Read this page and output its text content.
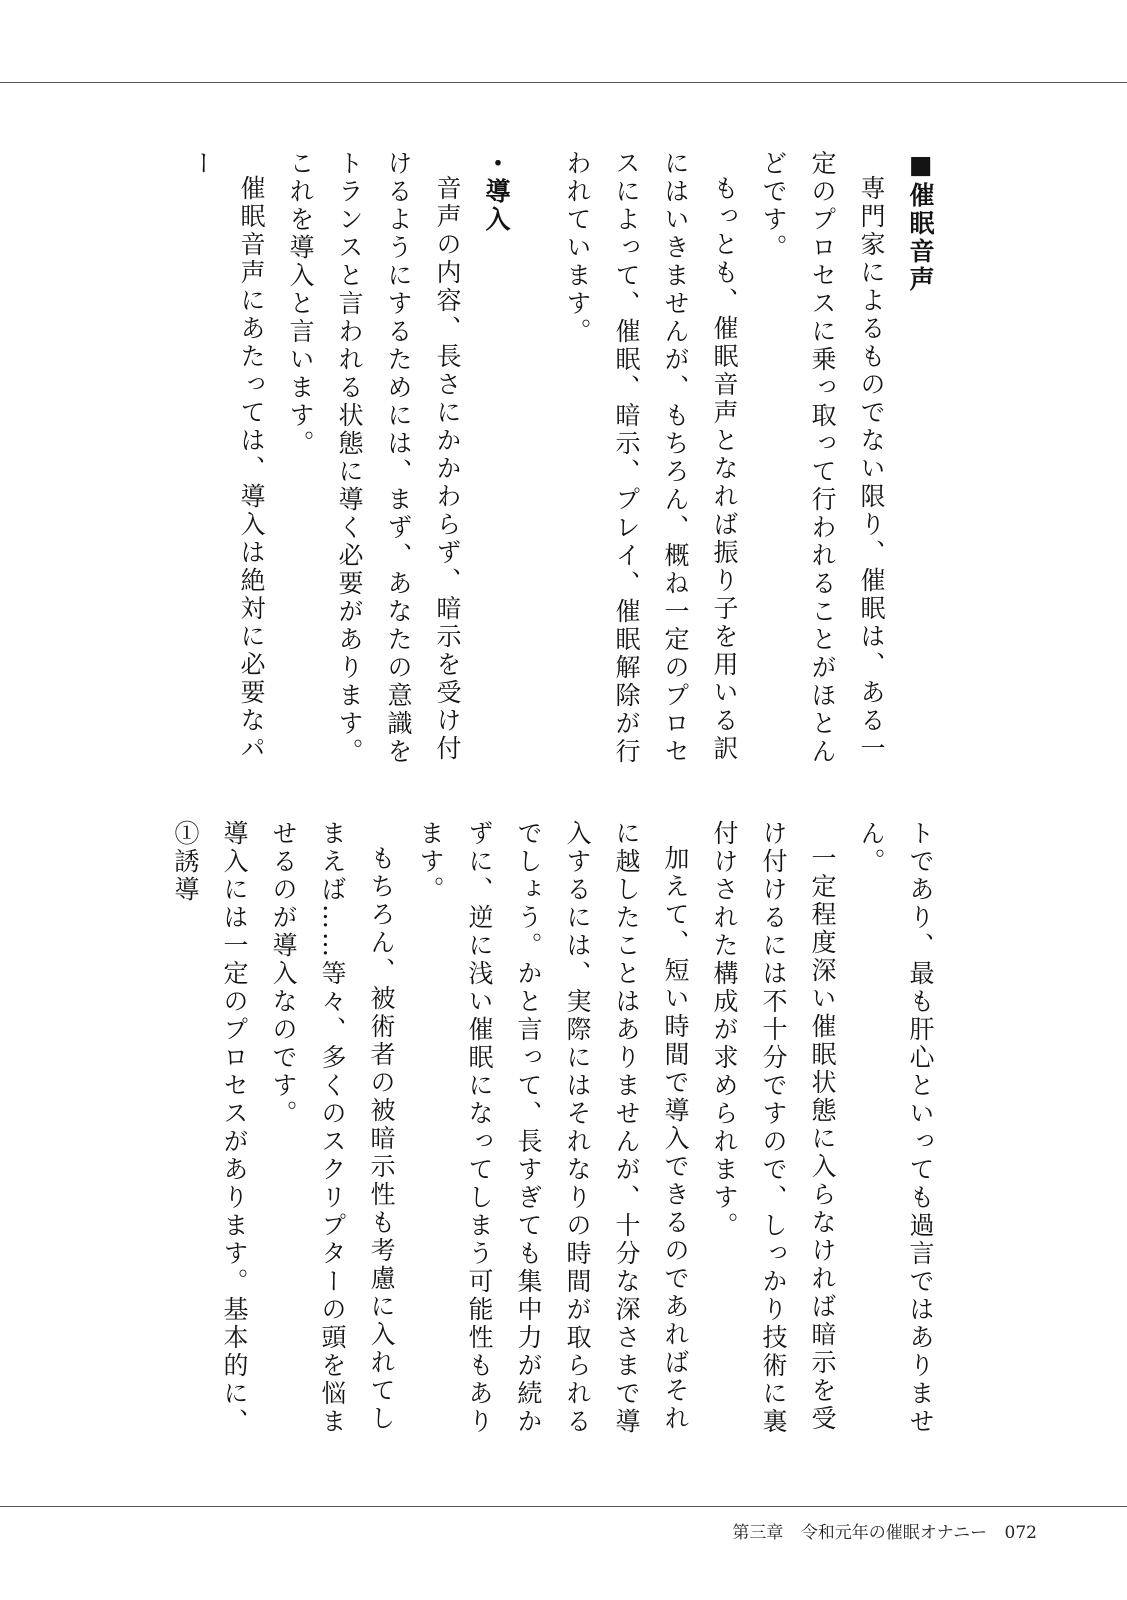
■催眠音声

専門家によるものでない限り、催眠は、ある一定のプロセスに乗っ取って行われることがほとんどです。

もっとも、催眠音声となれば振り子を用いる訳にはいきませんが、もちろん、概ね一定のプロセスによって、催眠、暗示、プレイ、催眠解除が行われています。

・導入

音声の内容、長さにかかわらず、暗示を受け付けるようにするためには、まず、あなたの意識をトランスと言われる状態に導く必要があります。これを導入と言います。

催眠音声にあたっては、導入は絶対に必要なパー

トであり、最も肝心といっても過言ではありません。

一定程度深い催眠状態に入らなければ暗示を受け付けるには不十分ですので、しっかり技術に裏付けされた構成が求められます。

加えて、短い時間で導入できるのであればそれに越したことはありませんが、十分な深さまで導入するには、実際にはそれなりの時間が取られるでしょう。かと言って、長すぎても集中力が続かずに、逆に浅い催眠になってしまう可能性もあります。

もちろん、被術者の被暗示性も考慮に入れてしまえば……等々、多くのスクリプターの頭を悩ませるのが導入なのです。

導入には一定のプロセスがあります。基本的に、

①誘導

第三章 令和元年の催眠オナニー 072
